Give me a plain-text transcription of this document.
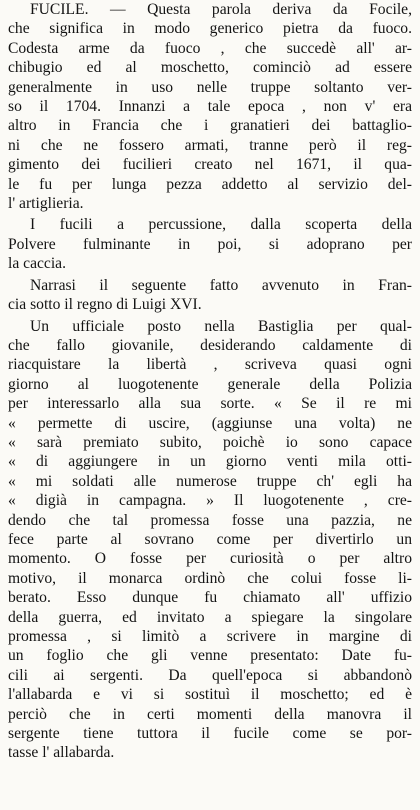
FUCILE. — Questa parola deriva da Focile,
che significa in modo generico pietra da fuoco.
Codesta arme da fuoco , che succedè all' ar-
chibugio ed al moschetto, cominciò ad essere
generalmente in uso nelle truppe soltanto ver-
so il 1704. Innanzi a tale epoca , non v' era
altro in Francia che i granatieri dei battaglio-
ni che ne fossero armati, tranne però il reg-
gimento dei fucilieri creato nel 1671, il qua-
le fu per lunga pezza addetto al servizio del-
l' artiglieria.

I fucili a percussione, dalla scoperta della
Polvere fulminante in poi, si adoprano per
la caccia.

Narrasi il seguente fatto avvenuto in Fran-
cia sotto il regno di Luigi XVI.

Un ufficiale posto nella Bastiglia per qual-
che fallo giovanile, desiderando caldamente di
riacquistare la libertà , scriveva quasi ogni
giorno al luogotenente generale della Polizia
per interessarlo alla sua sorte. « Se il re mi
« permette di uscire, (aggiunse una volta) ne
« sarà premiato subito, poichè io sono capace
« di aggiungere in un giorno venti mila otti-
« mi soldati alle numerose truppe ch' egli ha
« digià in campagna. » Il luogotenente , cre-
dendo che tal promessa fosse una pazzia, ne
fece parte al sovrano come per divertirlo un
momento. O fosse per curiosità o per altro
motivo, il monarca ordinò che colui fosse li-
berato. Esso dunque fu chiamato all' uffizio
della guerra, ed invitato a spiegare la singolare
promessa , si limitò a scrivere in margine di
un foglio che gli venne presentato: Date fu-
cili ai sergenti. Da quell'epoca si abbandonò
l'allabarda e vi si sostituì il moschetto; ed è
perciò che in certi momenti della manovra il
sergente tiene tuttora il fucile come se por-
tasse l' allabarda.
